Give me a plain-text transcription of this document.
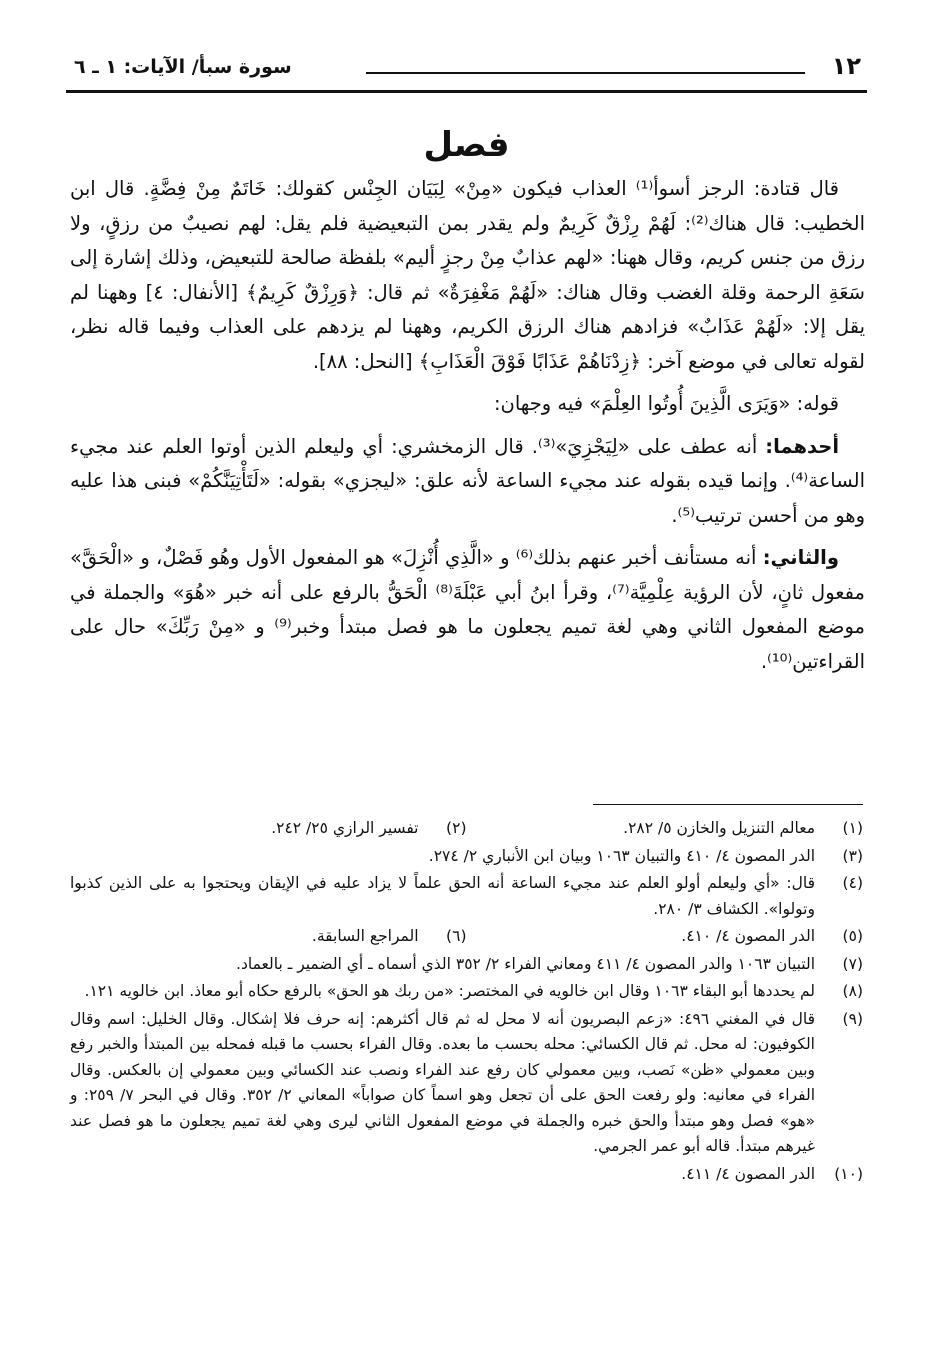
١٢
سورة سبأ/ الآيات: ١ ـ ٦
فصل

قال قتادة: الرجز أسوأ⁽¹⁾ العذاب فيكون «مِنْ» لِبَيَان الجِنْس كقولك: خَاتَمٌ مِنْ فِضَّةٍ. قال ابن الخطيب: قال هناك⁽²⁾: لَهُمْ رِزْقٌ كَرِيمٌ ولم يقدر بمن التبعيضية فلم يقل: لهم نصيبٌ من رزقٍ، ولا رزق من جنس كريم، وقال ههنا: «لهم عذابٌ مِنْ رجزٍ أليم» بلفظة صالحة للتبعيض، وذلك إشارة إلى سَعَةِ الرحمة وقلة الغضب وقال هناك: «لَهُمْ مَغْفِرَةٌ» ثم قال: ﴿وَرِزْقٌ كَرِيمٌ﴾ [الأنفال: ٤] وههنا لم يقل إلا: «لَهُمْ عَذَابٌ» فزادهم هناك الرزق الكريم، وههنا لم يزدهم على العذاب وفيما قاله نظر، لقوله تعالى في موضع آخر: ﴿زِدْنَاهُمْ عَذَابًا فَوْقَ الْعَذَابِ﴾ [النحل: ٨٨].

قوله: «وَيَرَى الَّذِينَ أُوتُوا العِلْمَ» فيه وجهان:

أحدهما: أنه عطف على «لِيَجْزِيَ»⁽³⁾. قال الزمخشري: أي وليعلم الذين أوتوا العلم عند مجيء الساعة⁽⁴⁾. وإنما قيده بقوله عند مجيء الساعة لأنه علق: «ليجزي» بقوله: «لَتَأْتِيَنَّكُمْ» فبنى هذا عليه وهو من أحسن ترتيب⁽⁵⁾.

والثاني: أنه مستأنف أخبر عنهم بذلك⁽⁶⁾ و «الَّذِي أُنْزِلَ» هو المفعول الأول وهُو فَصْلٌ، و «الْحَقَّ» مفعول ثانٍ، لأن الرؤية عِلْمِيَّة⁽⁷⁾، وقرأ ابنُ أبي عَبْلَةَ⁽⁸⁾ الْحَقُّ بالرفع على أنه خبر «هُوَ» والجملة في موضع المفعول الثاني وهي لغة تميم يجعلون ما هو فصل مبتدأ وخبر⁽⁹⁾ و «مِنْ رَبِّكَ» حال على القراءتين⁽¹⁰⁾.

(١)
معالم التنزيل والخازن ٥/ ٢٨٢.
(٢)
تفسير الرازي ٢٥/ ٢٤٢.
(٣)
الدر المصون ٤/ ٤١٠ والتبيان ١٠٦٣ وبيان ابن الأنباري ٢/ ٢٧٤.
(٤)
قال: «أي وليعلم أولو العلم عند مجيء الساعة أنه الحق علماً لا يزاد عليه في الإيقان ويحتجوا به على الذين كذبوا وتولوا». الكشاف ٣/ ٢٨٠.
(٥)
الدر المصون ٤/ ٤١٠.
(٦)
المراجع السابقة.
(٧)
التبيان ١٠٦٣ والدر المصون ٤/ ٤١١ ومعاني الفراء ٢/ ٣٥٢ الذي أسماه ـ أي الضمير ـ بالعماد.
(٨)
لم يحددها أبو البقاء ١٠٦٣ وقال ابن خالويه في المختصر: «من ربك هو الحق» بالرفع حكاه أبو معاذ. ابن خالويه ١٢١.
(٩)
قال في المغني ٤٩٦: «زعم البصريون أنه لا محل له ثم قال أكثرهم: إنه حرف فلا إشكال. وقال الخليل: اسم وقال الكوفيون: له محل. ثم قال الكسائي: محله بحسب ما بعده. وقال الفراء بحسب ما قبله فمحله بين المبتدأ والخبر رفع وبين معمولي «ظن» نَصب، وبين معمولي كان رفع عند الفراء ونصب عند الكسائي وبين معمولي إن بالعكس. وقال الفراء في معانيه: ولو رفعت الحق على أن تجعل وهو اسماً كان صواباً» المعاني ٢/ ٣٥٢. وقال في البحر ٧/ ٢٥٩: و «هو» فصل وهو مبتدأ والحق خبره والجملة في موضع المفعول الثاني ليرى وهي لغة تميم يجعلون ما هو فصل عند غيرهم مبتدأ. قاله أبو عمر الجرمي.
(١٠)
الدر المصون ٤/ ٤١١.
